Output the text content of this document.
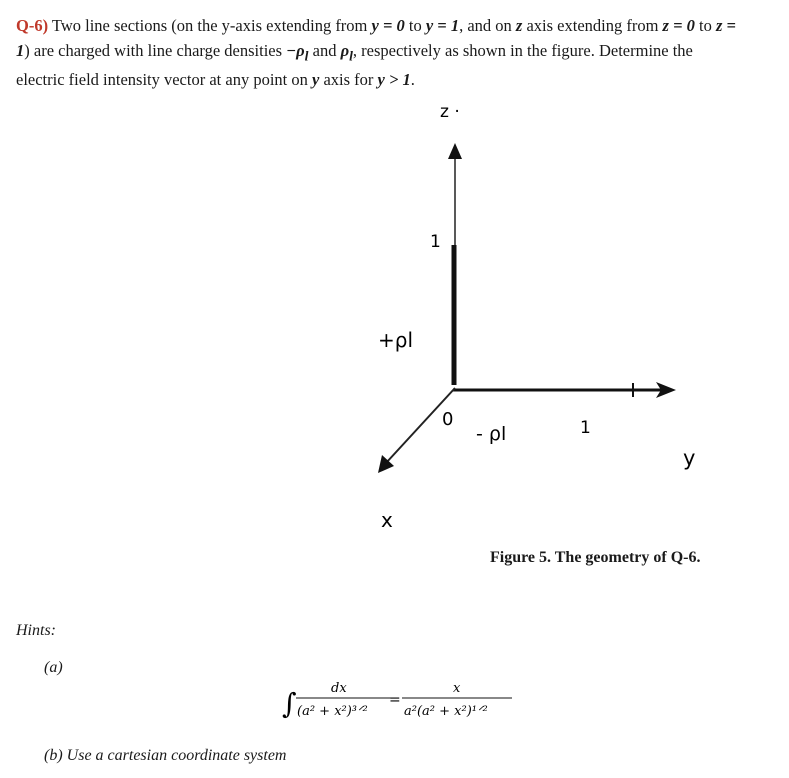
Q-6) Two line sections (on the y-axis extending from y = 0 to y = 1, and on z axis extending from z = 0 to z = 1) are charged with line charge densities $-\rho_l$ and $\rho_l$, respectively as shown in the figure. Determine the electric field intensity vector at any point on y axis for y > 1.
z ·
1
+ρl
0
- ρl	1
y
x
Figure 5. The geometry of Q-6.
Hints:
(a)
∫	dx
(a² + x²)³ᐟ²
=
x
a²(a² + x²)¹ᐟ²
(b) Use a cartesian coordinate system
